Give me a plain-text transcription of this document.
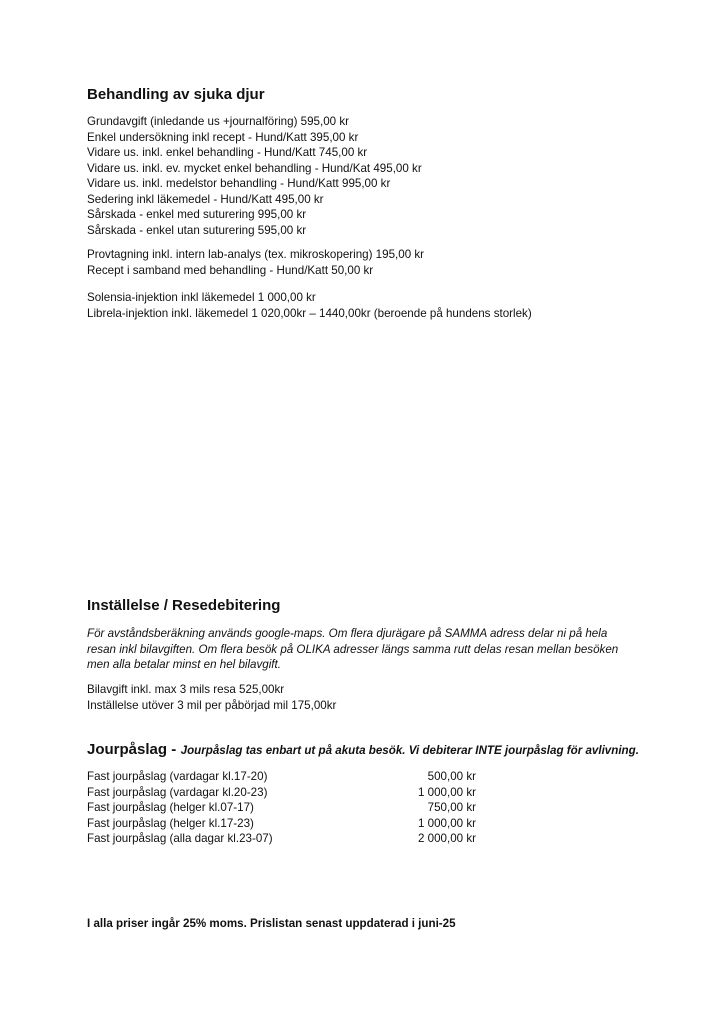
Behandling av sjuka djur
Grundavgift (inledande us +journalföring) 595,00 kr
Enkel undersökning inkl recept - Hund/Katt 395,00 kr
Vidare us. inkl. enkel behandling - Hund/Katt 745,00 kr
Vidare us. inkl. ev. mycket enkel behandling - Hund/Kat 495,00 kr
Vidare us. inkl. medelstor behandling - Hund/Katt 995,00 kr
Sedering inkl läkemedel - Hund/Katt 495,00 kr
Sårskada - enkel med suturering 995,00 kr
Sårskada - enkel utan suturering 595,00 kr
Provtagning inkl. intern lab-analys (tex. mikroskopering) 195,00 kr
Recept i samband med behandling - Hund/Katt 50,00 kr
Solensia-injektion inkl läkemedel 1 000,00 kr
Librela-injektion inkl. läkemedel 1 020,00kr – 1440,00kr (beroende på hundens storlek)
Inställelse / Resedebitering
För avståndsberäkning används google-maps. Om flera djurägare på SAMMA adress delar ni på hela
resan inkl bilavgiften. Om flera besök på OLIKA adresser längs samma rutt delas resan mellan besöken
men alla betalar minst en hel bilavgift.
Bilavgift inkl. max 3 mils resa 525,00kr
Inställelse utöver 3 mil per påbörjad mil 175,00kr
Jourpåslag - Jourpåslag tas enbart ut på akuta besök. Vi debiterar INTE jourpåslag för avlivning.
Fast jourpåslag (vardagar kl.17-20)	500,00 kr
Fast jourpåslag (vardagar kl.20-23)	1 000,00 kr
Fast jourpåslag (helger kl.07-17)	750,00 kr
Fast jourpåslag (helger kl.17-23)	1 000,00 kr
Fast jourpåslag (alla dagar kl.23-07)	2 000,00 kr
I alla priser ingår 25% moms. Prislistan senast uppdaterad i juni-25
